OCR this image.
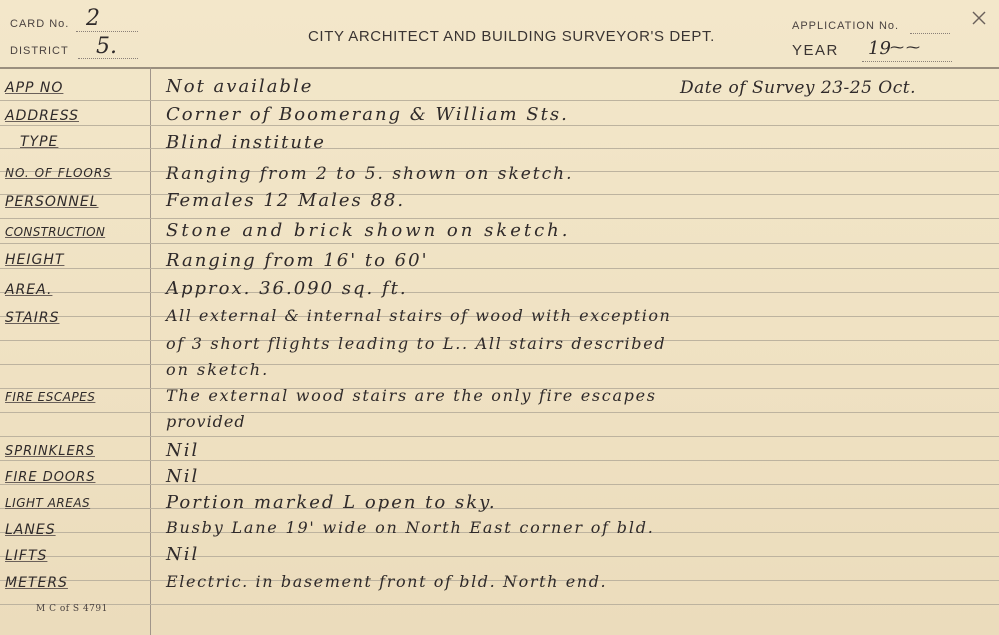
CARD No. 2
DISTRICT 5.	CITY ARCHITECT AND BUILDING SURVEYOR'S DEPT.
APPLICATION No.
YEAR 19 ⁓⁓
Date of Survey 23-25 Oct.
APP NO
ADDRESS
TYPE
NO. OF FLOORS
PERSONNEL
CONSTRUCTION
HEIGHT
AREA.
STAIRS
FIRE ESCAPES
SPRINKLERS
FIRE DOORS
LIGHT AREAS
LANES
LIFTS
METERS
Not available
Corner of Boomerang & William Sts.
Blind institute
Ranging from 2 to 5. shown on sketch.
Females 12 Males 88.
Stone and brick shown on sketch.
Ranging from 16' to 60'
Approx. 36.090 sq. ft.
All external & internal stairs of wood with exception
of 3 short flights leading to L.. All stairs described
on sketch.
The external wood stairs are the only fire escapes
provided
Nil
Nil
Portion marked L open to sky.
Busby Lane 19' wide on North East corner of bld.
Nil
Electric. in basement front of bld. North end.
M C of S 4791
